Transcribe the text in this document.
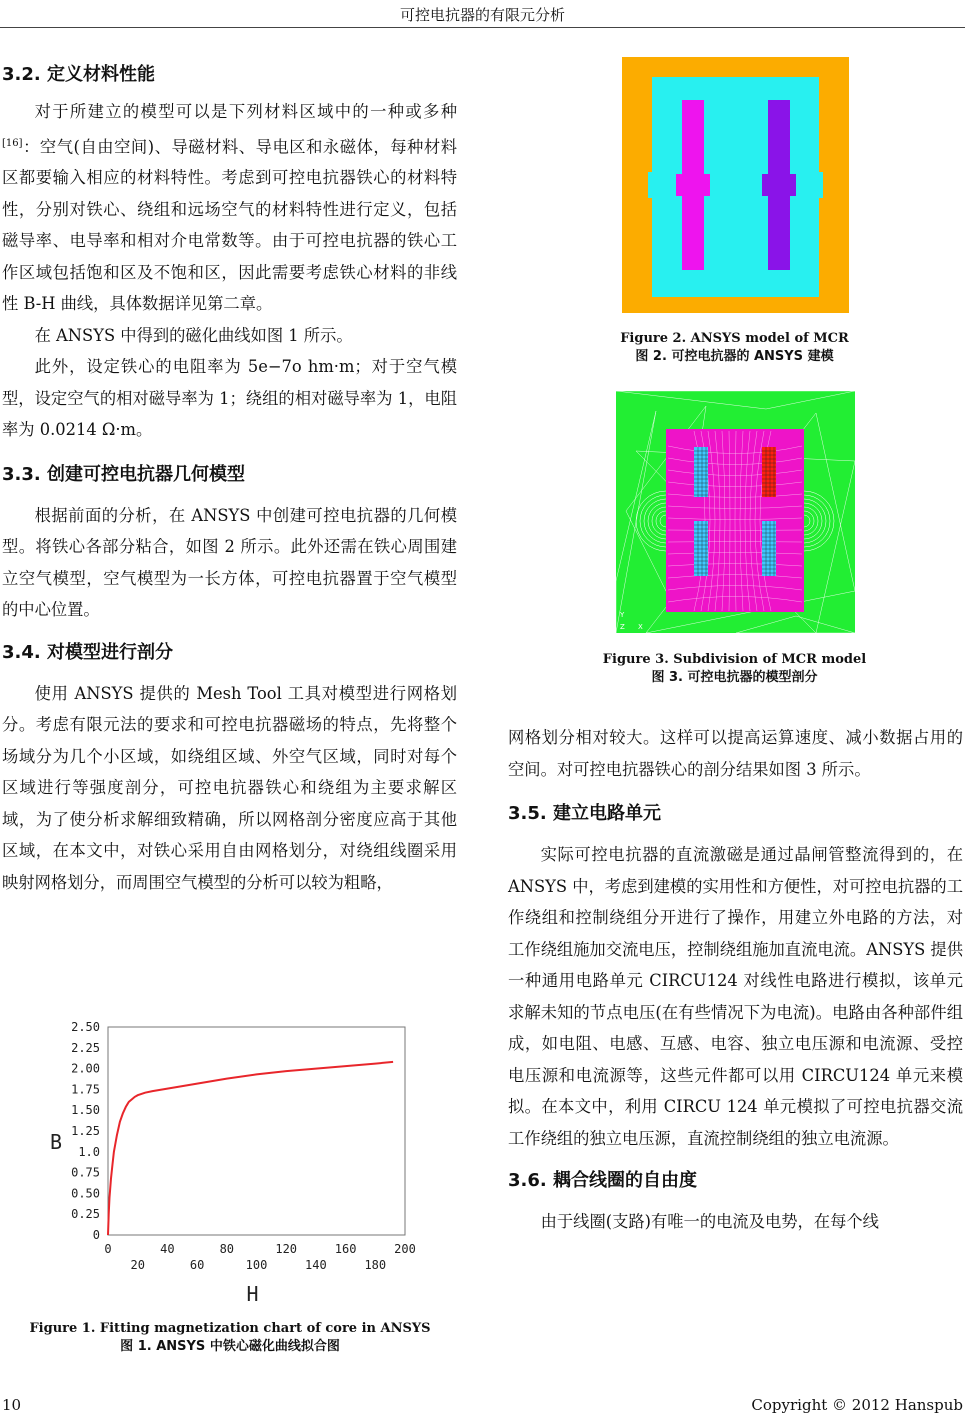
可控电抗器的有限元分析

3.2. 定义材料性能

对于所建立的模型可以是下列材料区域中的一种或多种[16]：空气(自由空间)、导磁材料、导电区和永磁体，每种材料区都要输入相应的材料特性。考虑到可控电抗器铁心的材料特性，分别对铁心、绕组和远场空气的材料特性进行定义，包括磁导率、电导率和相对介电常数等。由于可控电抗器的铁心工作区域包括饱和区及不饱和区，因此需要考虑铁心材料的非线性 B-H 曲线，具体数据详见第二章。

在 ANSYS 中得到的磁化曲线如图 1 所示。

此外，设定铁心的电阻率为 5e−7o hm·m；对于空气模型，设定空气的相对磁导率为 1；绕组的相对磁导率为 1，电阻率为 0.0214 Ω·m。

3.3. 创建可控电抗器几何模型

根据前面的分析，在 ANSYS 中创建可控电抗器的几何模型。将铁心各部分粘合，如图 2 所示。此外还需在铁心周围建立空气模型，空气模型为一长方体，可控电抗器置于空气模型的中心位置。

3.4. 对模型进行剖分

使用 ANSYS 提供的 Mesh Tool 工具对模型进行网格划分。考虑有限元法的要求和可控电抗器磁场的特点，先将整个场域分为几个小区域，如绕组区域、外空气区域，同时对每个区域进行等强度剖分，可控电抗器铁心和绕组为主要求解区域，为了使分析求解细致精确，所以网格剖分密度应高于其他区域，在本文中，对铁心采用自由网格划分，对绕组线圈采用映射网格划分，而周围空气模型的分析可以较为粗略，

0
0.25
0.50
0.75
1.0
1.25
1.50
1.75
2.00
2.25
2.50
0	40	80	120	160	200
20	60	100	140	180
B
H
Figure 1. Fitting magnetization chart of core in ANSYS
图 1. ANSYS 中铁心磁化曲线拟合图
Figure 2. ANSYS model of MCR
图 2. 可控电抗器的 ANSYS 建模
Y
Z X
Figure 3. Subdivision of MCR model
图 3. 可控电抗器的模型剖分

网格划分相对较大。这样可以提高运算速度、减小数据占用的空间。对可控电抗器铁心的剖分结果如图 3 所示。

3.5. 建立电路单元

实际可控电抗器的直流激磁是通过晶闸管整流得到的，在 ANSYS 中，考虑到建模的实用性和方便性，对可控电抗器的工作绕组和控制绕组分开进行了操作，用建立外电路的方法，对工作绕组施加交流电压，控制绕组施加直流电流。ANSYS 提供一种通用电路单元 CIRCU124 对线性电路进行模拟，该单元求解未知的节点电压(在有些情况下为电流)。电路由各种部件组成，如电阻、电感、互感、电容、独立电压源和电流源、受控电压源和电流源等，这些元件都可以用 CIRCU124 单元来模拟。在本文中，利用 CIRCU 124 单元模拟了可控电抗器交流工作绕组的独立电压源，直流控制绕组的独立电流源。

3.6. 耦合线圈的自由度

由于线圈(支路)有唯一的电流及电势，在每个线

10	Copyright © 2012 Hanspub
